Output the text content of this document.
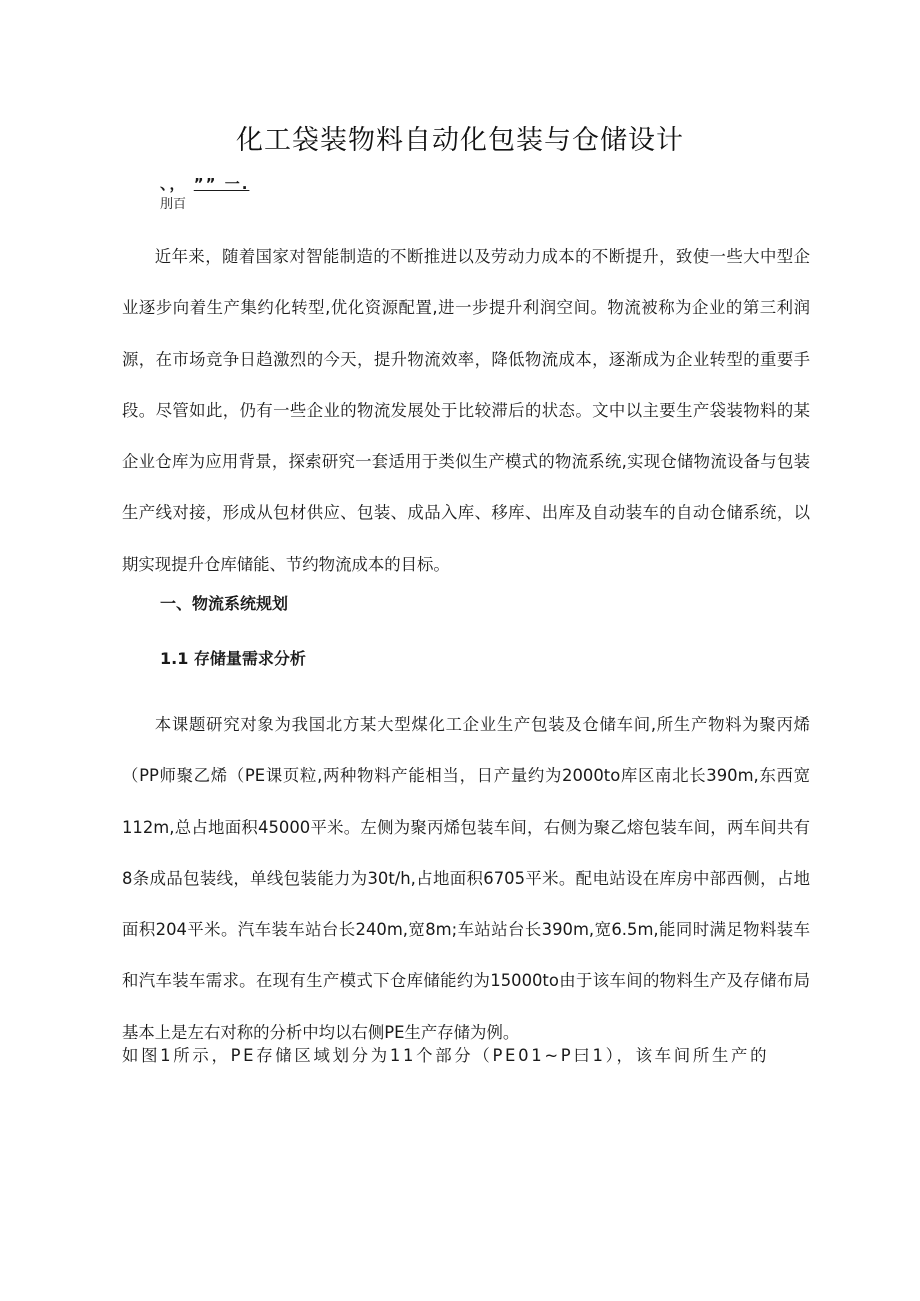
化工袋装物料自动化包装与仓储设计
、， ”” 一.
刖百

近年来，随着国家对智能制造的不断推进以及劳动力成本的不断提升，致使一些大中型企业逐步向着生产集约化转型,优化资源配置,进一步提升利润空间。物流被称为企业的第三利润源，在市场竞争日趋激烈的今天，提升物流效率，降低物流成本，逐渐成为企业转型的重要手段。尽管如此，仍有一些企业的物流发展处于比较滞后的状态。文中以主要生产袋装物料的某企业仓库为应用背景，探索研究一套适用于类似生产模式的物流系统,实现仓储物流设备与包装生产线对接，形成从包材供应、包装、成品入库、移库、出库及自动装车的自动仓储系统，以期实现提升仓库储能、节约物流成本的目标。

一、物流系统规划
1.1 存储量需求分析

本课题研究对象为我国北方某大型煤化工企业生产包装及仓储车间,所生产物料为聚丙烯（PP师聚乙烯（PE课页粒,两种物料产能相当，日产量约为2000to库区南北长390m,东西宽112m,总占地面积45000平米。左侧为聚丙烯包装车间，右侧为聚乙熔包装车间，两车间共有8条成品包装线，单线包装能力为30t/h,占地面积6705平米。配电站设在库房中部西侧，占地面积204平米。汽车装车站台长240m,宽8m;车站站台长390m,宽6.5m,能同时满足物料装车和汽车装车需求。在现有生产模式下仓库储能约为15000to由于该车间的物料生产及存储布局基本上是左右对称的分析中均以右侧PE生产存储为例。

如图1所示，PE存储区域划分为11个部分（PE01~P曰1），该车间所生产的
